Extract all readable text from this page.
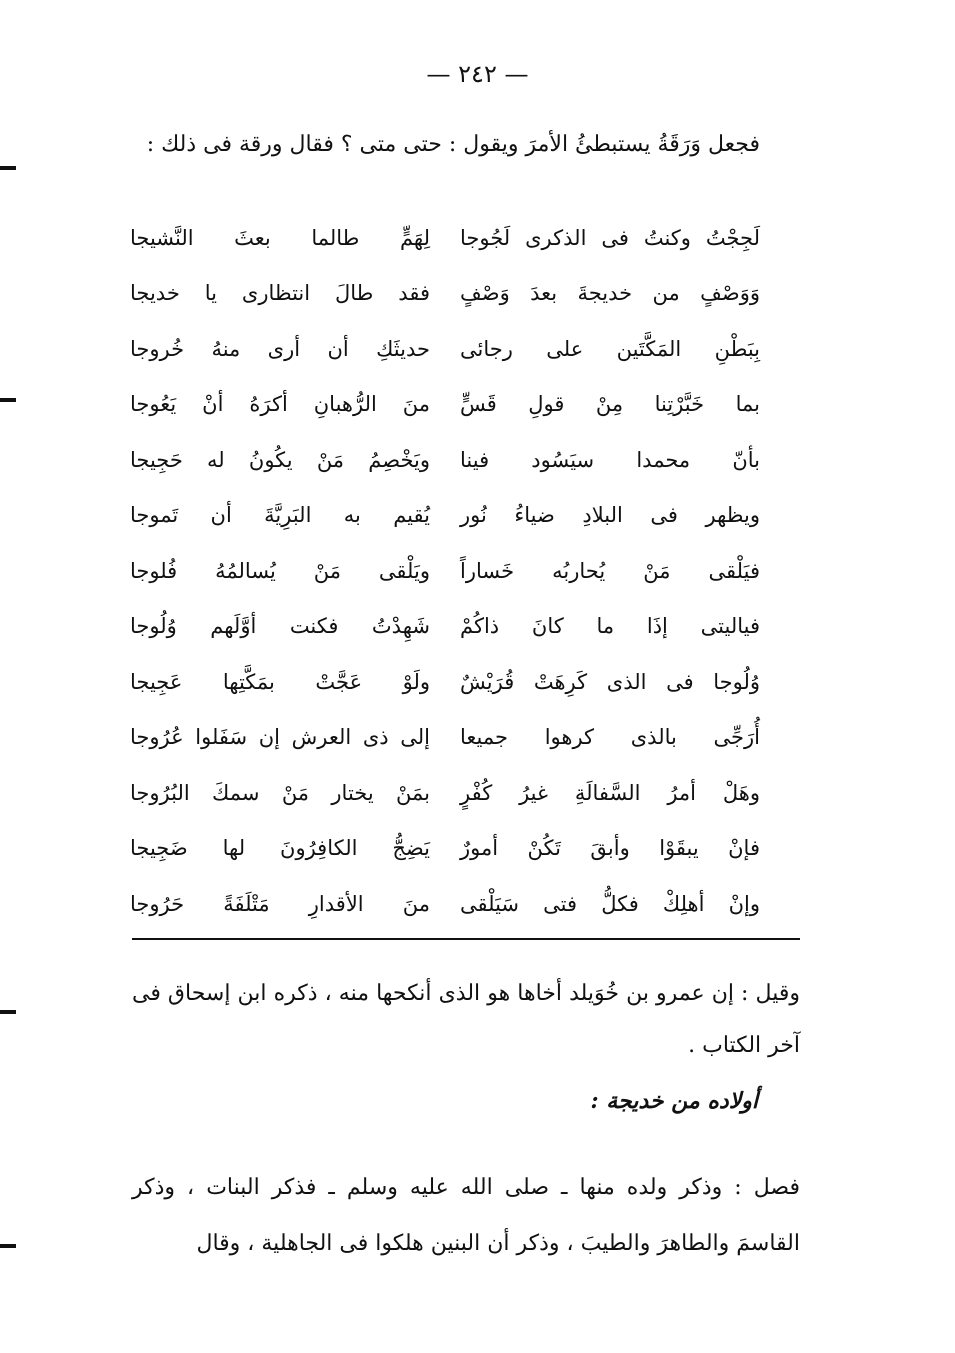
— ٢٤٢ —
فجعل وَرَقَةُ يستبطئُ الأمرَ ويقول : حتى متى ؟ فقال ورقة فى ذلك :
لَجِجْتُ وكنتُ فى الذكرى لَجُوجا
لِهَمٍّ طالما بعثَ النَّشيجا
وَوَصْفٍ من خديجةَ بعدَ وَصْفٍ
فقد طالَ انتظارى يا خديجا
بِبَطْنِ المَكَّتَين على رجائى
حديثَكِ أن أرى منهُ خُروجا
بما خَبَّرْتِنا مِنْ قولِ قَسٍّ
منَ الرُّهبانِ أكرَهُ أنْ يَعُوجا
بأنّ محمدا سيَسُود فينا
ويَخْصِمُ مَنْ يكُونُ له حَجِيجا
ويظهر فى البلادِ ضياءُ نُور
يُقيم به البَرِيَّةَ أن تَموجا
فيَلْقى مَنْ يُحاربُه خَساراً
ويَلْقى مَنْ يُسالمُهُ فُلوجا
فياليتى إذَا ما كانَ ذاكُمْ
شَهِدْتُ فكنت أوَّلَهم وُلُوجا
وُلُوجا فى الذى كَرِهَتْ قُرَيْشٌ
ولَوْ عَجَّتْ بمَكَّتِها عَجِيجا
أُرَجِّى بالذى كرهوا جميعا
إلى ذى العرش إن سَفَلوا عُرُوجا
وهَلْ أمرُ السَّفالَةِ غيرُ كُفْرٍ
بمَنْ يختار مَنْ سمكَ البُرُوجا
فإنْ يبقَوْا وأبقَ تَكُنْ أمورٌ
يَضِجُّ الكافِرُونَ لها ضَجِيجا
وإنْ أهلِكْ فكلُّ فتى سَيَلْقى
منَ الأقدارِ مَتْلَفَةً حَرُوجا
وقيل : إن عمرو بن خُوَيلد أخاها هو الذى أنكحها منه ، ذكره ابن إسحاق فى آخر الكتاب .
أولاده من خديجة :
فصل : وذكر ولده منها ـ صلى الله عليه وسلم ـ فذكر البنات ، وذكر القاسمَ والطاهرَ والطيبَ ، وذكر أن البنين هلكوا فى الجاهلية ، وقال
